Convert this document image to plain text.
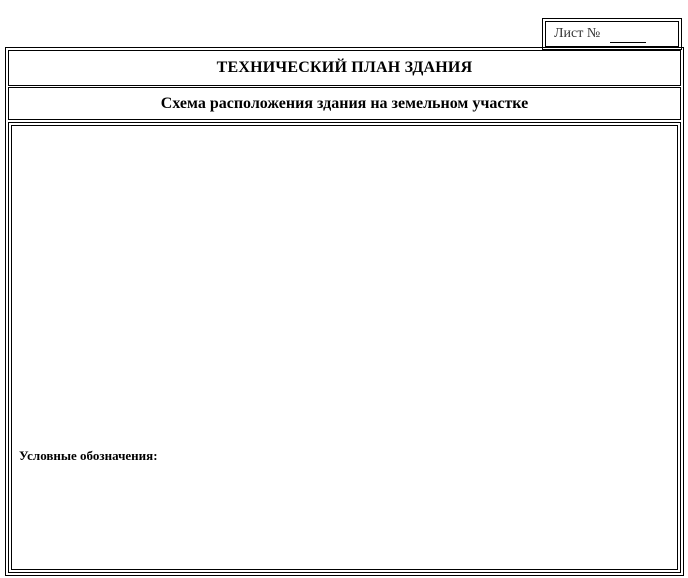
Лист №
ТЕХНИЧЕСКИЙ ПЛАН ЗДАНИЯ
Схема расположения здания на земельном участке
Условные обозначения:
